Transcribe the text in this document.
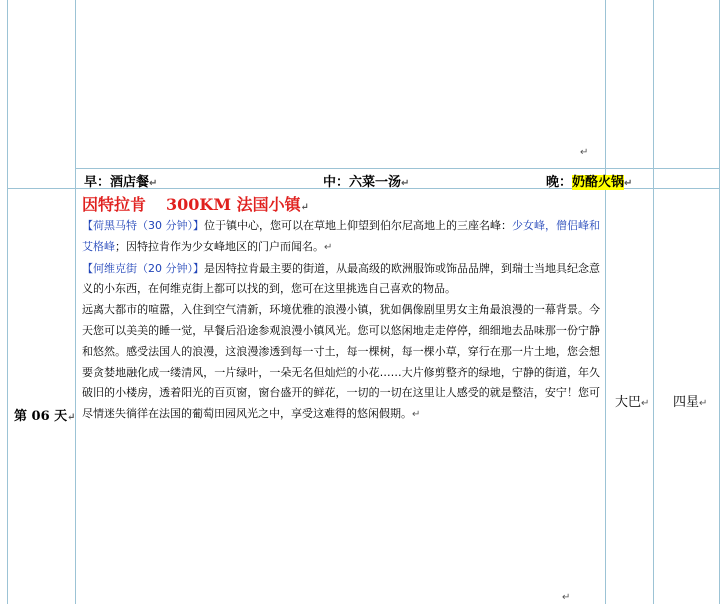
↵
↵
早：酒店餐↵	中：六菜一汤↵	晚：奶酪火锅↵
第 06 天↵
因特拉肯 300KM 法国小镇↵

【荷黑马特（30 分钟）】位于镇中心，您可以在草地上仰望到伯尔尼高地上的三座名峰：少女峰，僧侣峰和艾格峰；因特拉肯作为少女峰地区的门户而闻名。↵

【何维克街（20 分钟）】是因特拉肯最主要的街道，从最高级的欧洲服饰或饰品品牌，到瑞士当地具纪念意义的小东西，在何维克街上都可以找的到，您可在这里挑选自己喜欢的物品。

远离大都市的喧嚣，入住到空气清新，环境优雅的浪漫小镇，犹如偶像剧里男女主角最浪漫的一幕背景。今天您可以美美的睡一觉，早餐后沿途参观浪漫小镇风光。您可以悠闲地走走停停，细细地去品味那一份宁静和悠然。感受法国人的浪漫，这浪漫渗透到每一寸土，每一棵树，每一棵小草，穿行在那一片土地，您会想要贪婪地融化成一缕清风，一片绿叶，一朵无名但灿烂的小花……大片修剪整齐的绿地，宁静的街道，年久破旧的小楼房，透着阳光的百页窗，窗台盛开的鲜花，一切的一切在这里让人感受的就是整洁，安宁！您可尽情迷失徜徉在法国的葡萄田园风光之中，享受这难得的悠闲假期。↵

大巴↵ 四星↵
